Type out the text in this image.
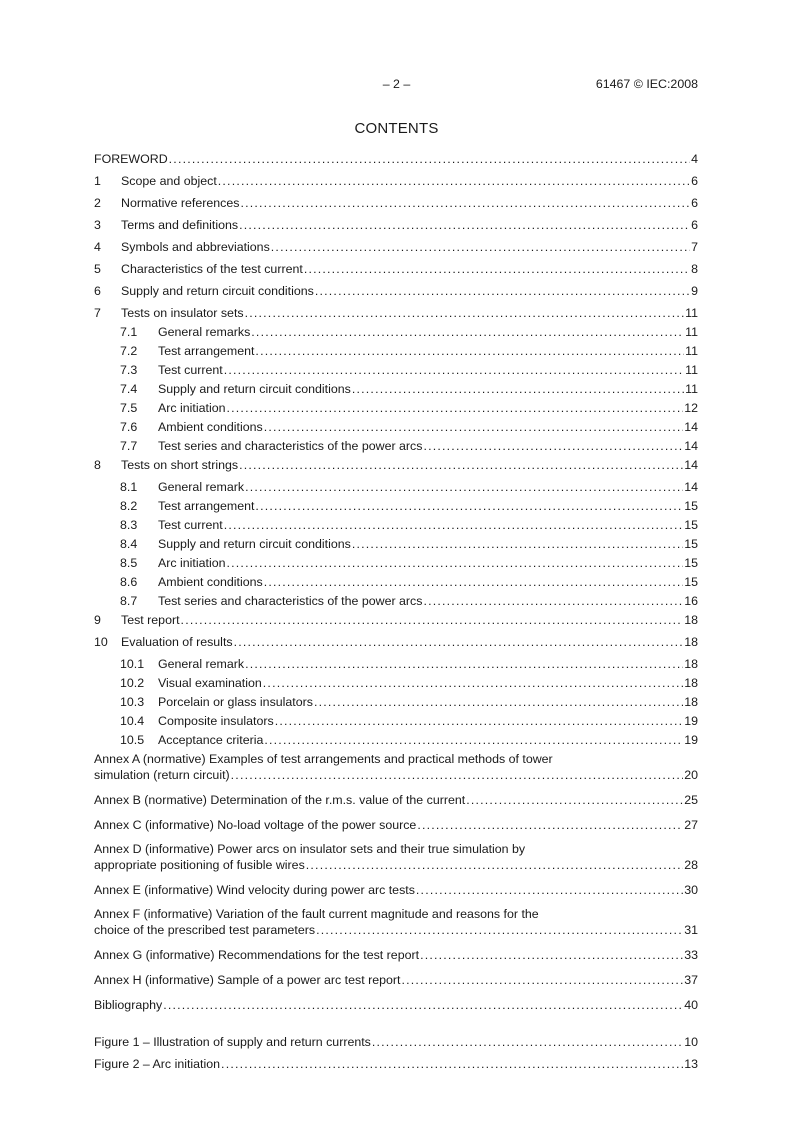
– 2 –	61467 © IEC:2008
CONTENTS
FOREWORD .....	4
1	Scope and object .....	6
2	Normative references .....	6
3	Terms and definitions .....	6
4	Symbols and abbreviations .....	7
5	Characteristics of the test current .....	8
6	Supply and return circuit conditions .....	9
7	Tests on insulator sets .....	11
7.1	General remarks .....	11
7.2	Test arrangement .....	11
7.3	Test current .....	11
7.4	Supply and return circuit conditions .....	11
7.5	Arc initiation .....	12
7.6	Ambient conditions .....	14
7.7	Test series and characteristics of the power arcs .....	14
8	Tests on short strings .....	14
8.1	General remark .....	14
8.2	Test arrangement .....	15
8.3	Test current .....	15
8.4	Supply and return circuit conditions .....	15
8.5	Arc initiation .....	15
8.6	Ambient conditions .....	15
8.7	Test series and characteristics of the power arcs .....	16
9	Test report .....	18
10	Evaluation of results .....	18
10.1	General remark .....	18
10.2	Visual examination .....	18
10.3	Porcelain or glass insulators .....	18
10.4	Composite insulators .....	19
10.5	Acceptance criteria .....	19
Annex A (normative) Examples of test arrangements and practical methods of tower
simulation (return circuit) .....	20
Annex B (normative) Determination of the r.m.s. value of the current .....	25
Annex C (informative) No-load voltage of the power source .....	27
Annex D (informative) Power arcs on insulator sets and their true simulation by
appropriate positioning of fusible wires .....	28
Annex E (informative) Wind velocity during power arc tests .....	30
Annex F (informative) Variation of the fault current magnitude and reasons for the
choice of the prescribed test parameters .....	31
Annex G (informative) Recommendations for the test report .....	33
Annex H (informative) Sample of a power arc test report .....	37
Bibliography .....	40
Figure 1 – Illustration of supply and return currents .....	10
Figure 2 – Arc initiation .....	13
